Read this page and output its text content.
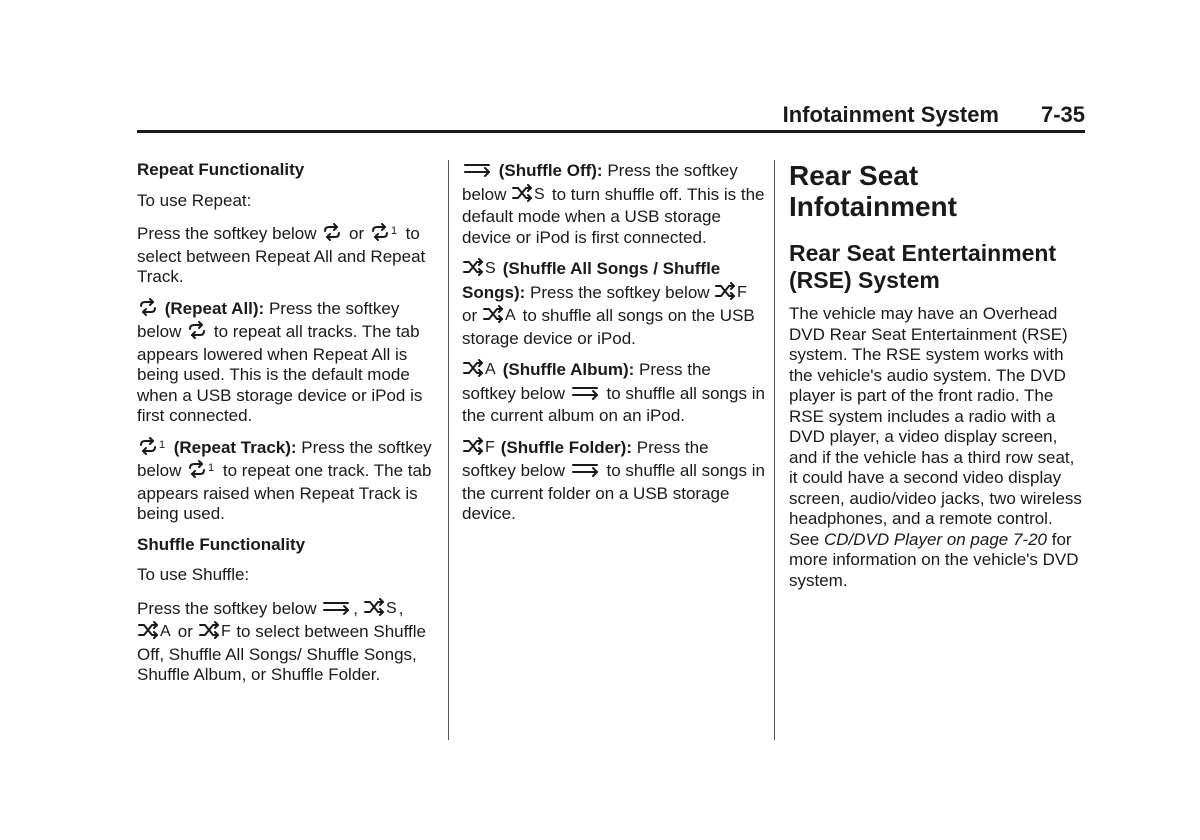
Infotainment System 7-35

Repeat Functionality

To use Repeat:

Press the softkey below or 1 to select between Repeat All and Repeat Track.

(Repeat All): Press the softkey below to repeat all tracks. The tab appears lowered when Repeat All is being used. This is the default mode when a USB storage device or iPod is first connected.

1 (Repeat Track): Press the softkey below 1 to repeat one track. The tab appears raised when Repeat Track is being used.

Shuffle Functionality

To use Shuffle:

Press the softkey below , S ,
A or F to select between Shuffle Off, Shuffle All Songs/ Shuffle Songs, Shuffle Album, or Shuffle Folder.

(Shuffle Off): Press the softkey below S to turn shuffle off. This is the default mode when a USB storage device or iPod is first connected.

S (Shuffle All Songs / Shuffle Songs): Press the softkey below F
or A to shuffle all songs on the USB storage device or iPod.

A (Shuffle Album): Press the softkey below to shuffle all songs in the current album on an iPod.

F (Shuffle Folder): Press the softkey below to shuffle all songs in the current folder on a USB storage device.

Rear Seat Infotainment

Rear Seat Entertainment (RSE) System

The vehicle may have an Overhead DVD Rear Seat Entertainment (RSE) system. The RSE system works with the vehicle's audio system. The DVD player is part of the front radio. The RSE system includes a radio with a DVD player, a video display screen, and if the vehicle has a third row seat, it could have a second video display screen, audio/video jacks, two wireless headphones, and a remote control. See CD/DVD Player on page 7-20 for more information on the vehicle's DVD system.
